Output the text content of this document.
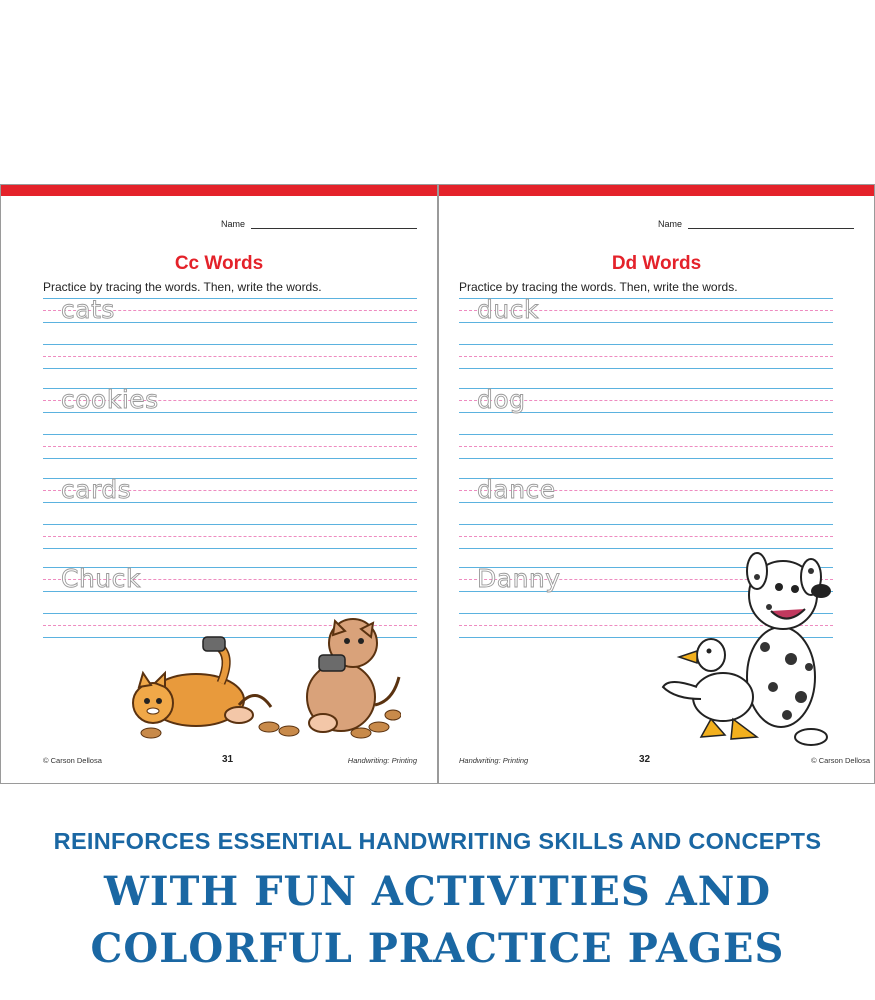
Name
Cc Words
Practice by tracing the words. Then, write the words.
cats
cookies
cards
Chuck
© Carson Dellosa	31	Handwriting: Printing
Name
Dd Words
Practice by tracing the words. Then, write the words.
duck
dog
dance
Danny
Handwriting: Printing	32	© Carson Dellosa
REINFORCES ESSENTIAL HANDWRITING SKILLS AND CONCEPTS
WITH FUN ACTIVITIES AND
COLORFUL PRACTICE PAGES
